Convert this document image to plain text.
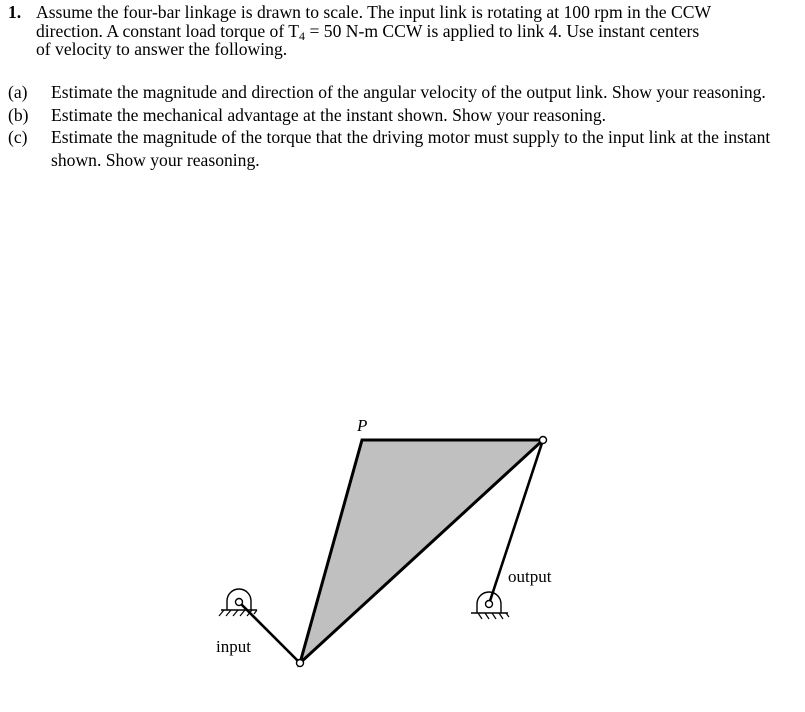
1. Assume the four-bar linkage is drawn to scale. The input link is rotating at 100 rpm in the CCW
direction. A constant load torque of $T_4 = 50$ N-m CCW is applied to link 4. Use instant centers
of velocity to answer the following.
(a)	Estimate the magnitude and direction of the angular velocity of the output link. Show your reasoning.
(b)	Estimate the mechanical advantage at the instant shown. Show your reasoning.
(c)	Estimate the magnitude of the torque that the driving motor must supply to the input link at the instant shown. Show your reasoning.
P
input
output
